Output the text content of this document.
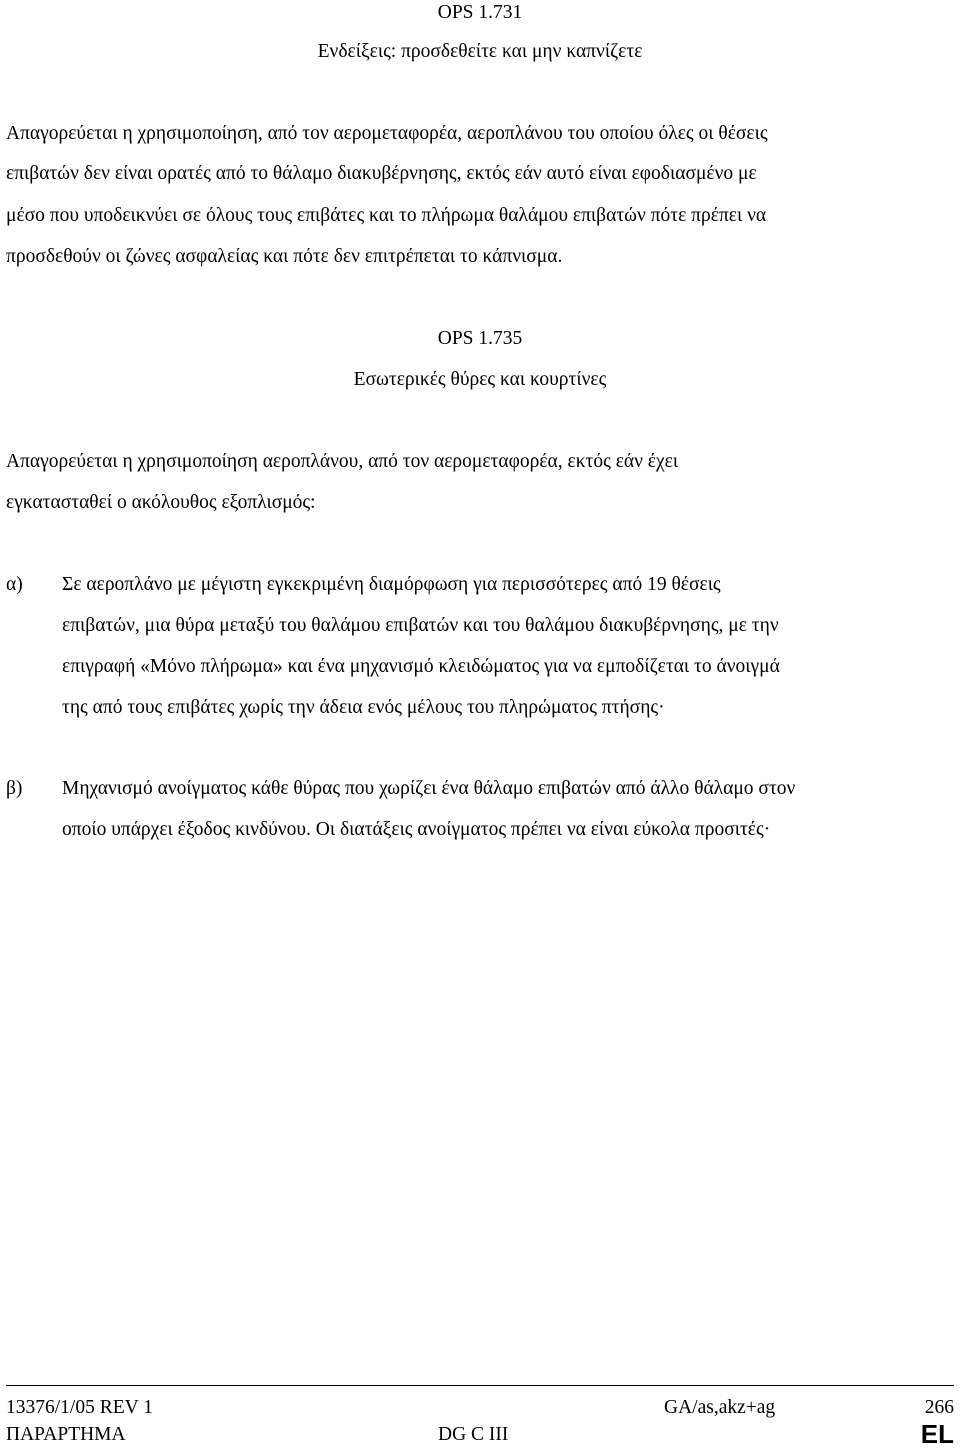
OPS 1.731
Ενδείξεις: προσδεθείτε και μην καπνίζετε
Απαγορεύεται η χρησιμοποίηση, από τον αερομεταφορέα, αεροπλάνου του οποίου όλες οι θέσεις
επιβατών δεν είναι ορατές από το θάλαμο διακυβέρνησης, εκτός εάν αυτό είναι εφοδιασμένο με
μέσο που υποδεικνύει σε όλους τους επιβάτες και το πλήρωμα θαλάμου επιβατών πότε πρέπει να
προσδεθούν οι ζώνες ασφαλείας και πότε δεν επιτρέπεται το κάπνισμα.
OPS 1.735
Εσωτερικές θύρες και κουρτίνες
Απαγορεύεται η χρησιμοποίηση αεροπλάνου, από τον αερομεταφορέα, εκτός εάν έχει
εγκατασταθεί ο ακόλουθος εξοπλισμός:
α) Σε αεροπλάνο με μέγιστη εγκεκριμένη διαμόρφωση για περισσότερες από 19 θέσεις
επιβατών, μια θύρα μεταξύ του θαλάμου επιβατών και του θαλάμου διακυβέρνησης, με την
επιγραφή «Μόνο πλήρωμα» και ένα μηχανισμό κλειδώματος για να εμποδίζεται το άνοιγμά
της από τους επιβάτες χωρίς την άδεια ενός μέλους του πληρώματος πτήσης·
β) Μηχανισμό ανοίγματος κάθε θύρας που χωρίζει ένα θάλαμο επιβατών από άλλο θάλαμο στον
οποίο υπάρχει έξοδος κινδύνου. Οι διατάξεις ανοίγματος πρέπει να είναι εύκολα προσιτές·
13376/1/05 REV 1
ΠΑΡΑΡΤΗΜΑ
GA/as,akz+ag
DG C III
266
EL
